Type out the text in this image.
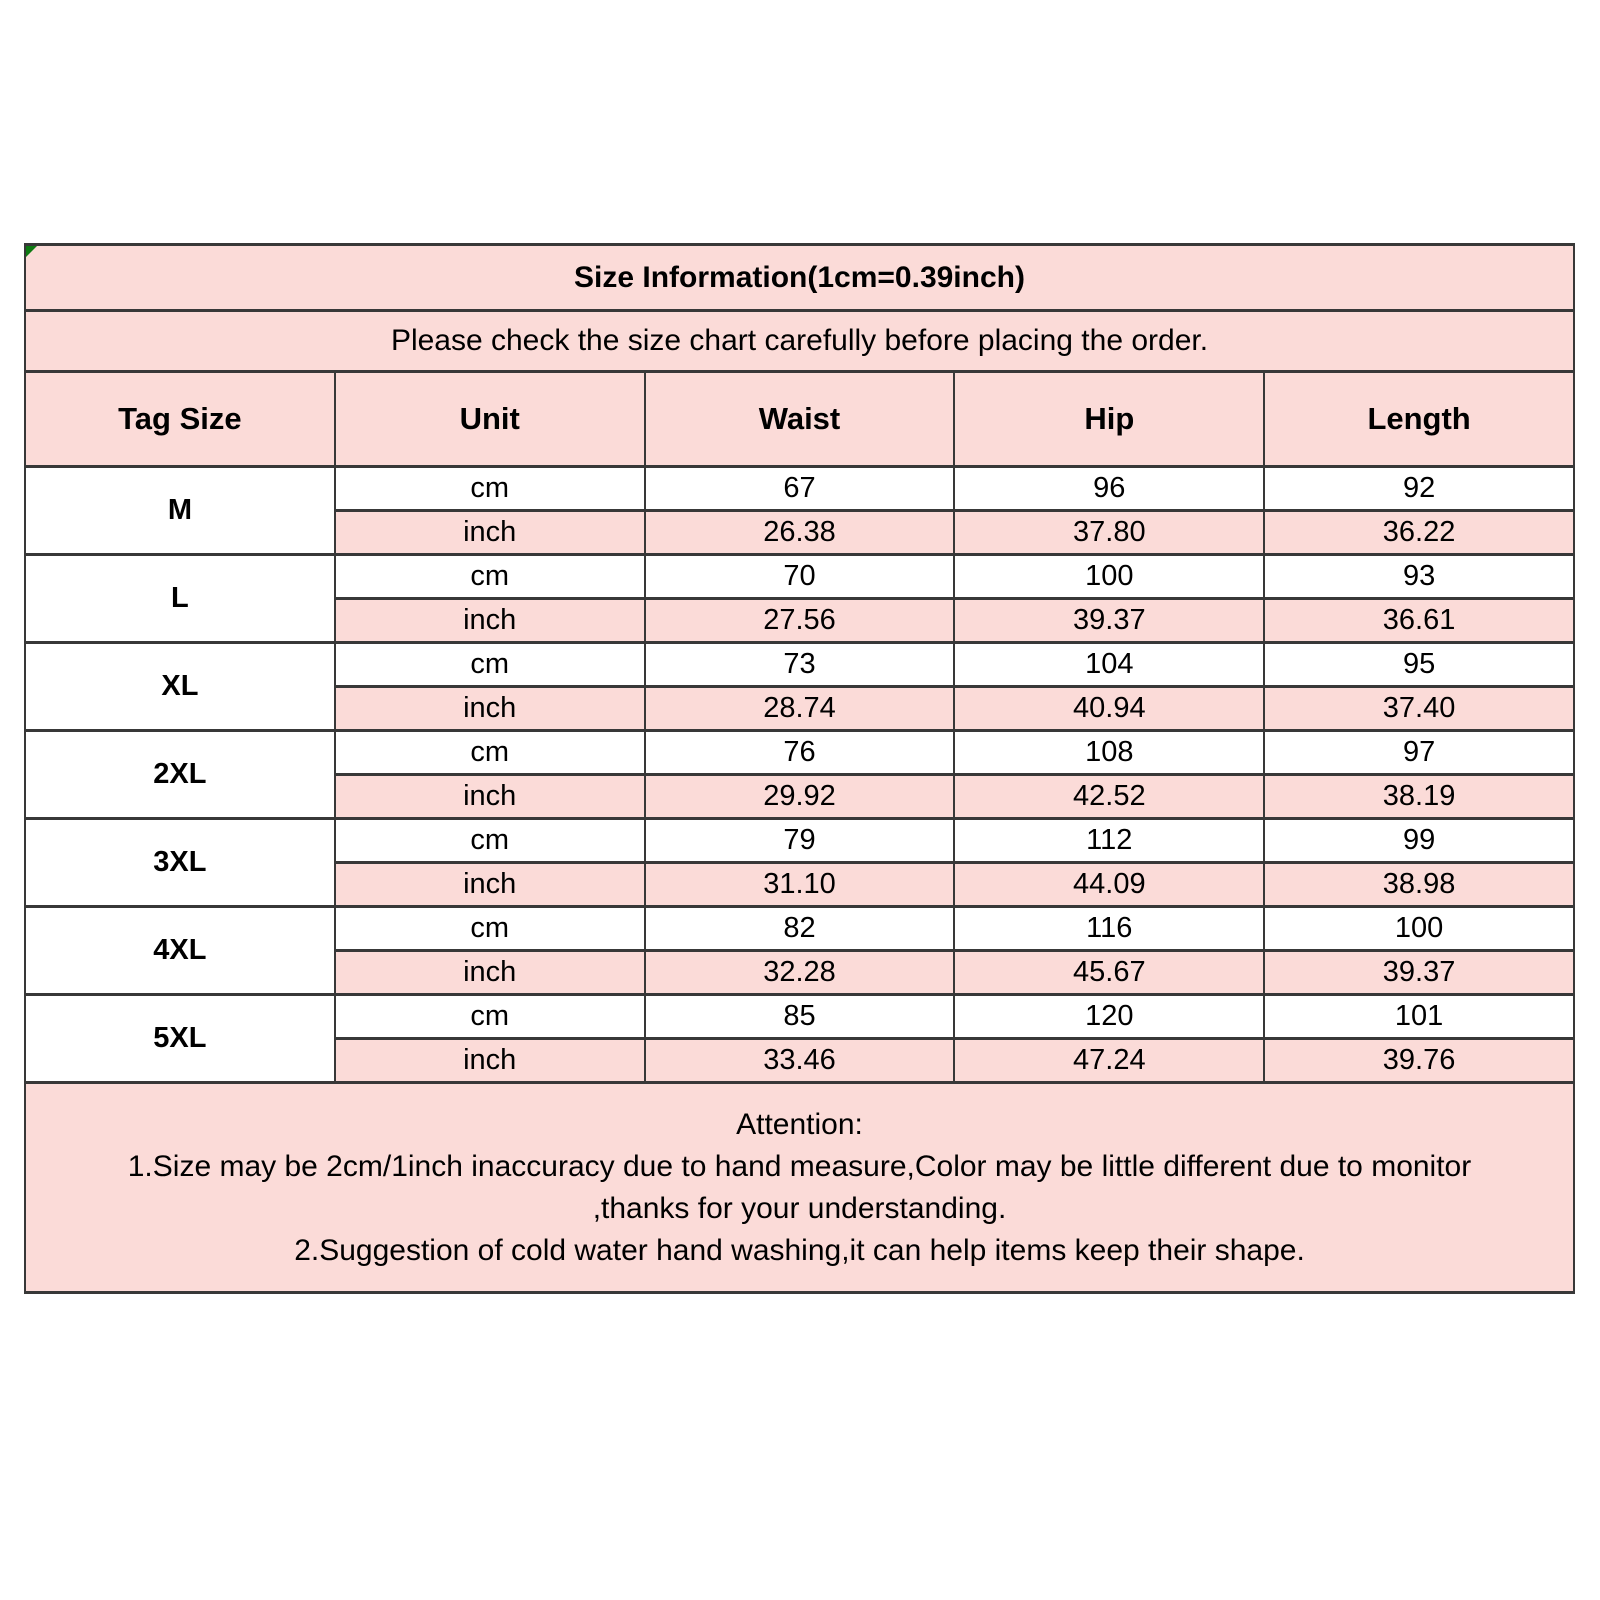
Size Information(1cm=0.39inch)				
Please check the size chart carefully before placing the order.				
Tag Size	Unit	Waist	Hip	Length
M	cm	67	96	92
	inch	26.38	37.80	36.22
L	cm	70	100	93
	inch	27.56	39.37	36.61
XL	cm	73	104	95
	inch	28.74	40.94	37.40
2XL	cm	76	108	97
	inch	29.92	42.52	38.19
3XL	cm	79	112	99
	inch	31.10	44.09	38.98
4XL	cm	82	116	100
	inch	32.28	45.67	39.37
5XL	cm	85	120	101
	inch	33.46	47.24	39.76

Attention:
1.Size may be 2cm/1inch inaccuracy due to hand measure,Color may be little different due to monitor
,thanks for your understanding.
2.Suggestion of cold water hand washing,it can help items keep their shape.				
